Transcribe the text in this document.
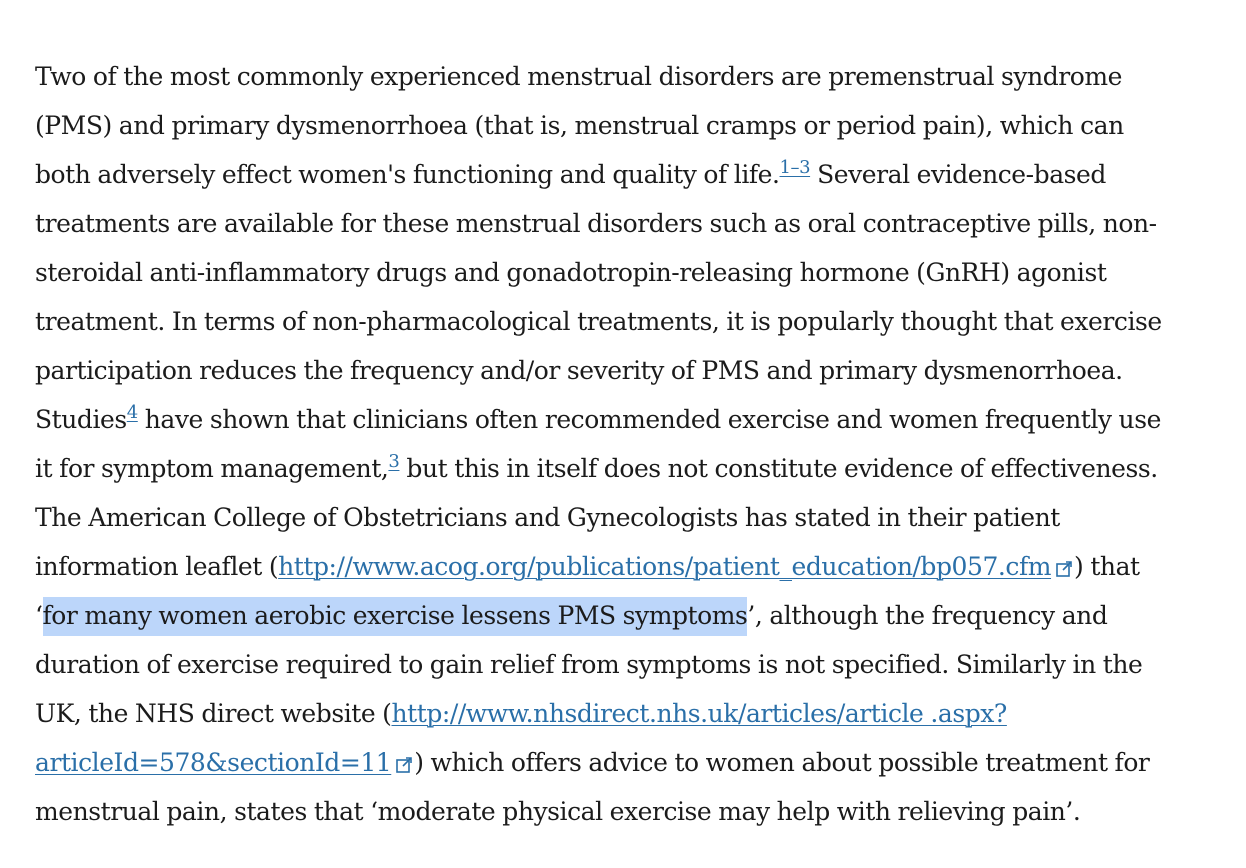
Two of the most commonly experienced menstrual disorders are premenstrual syndrome
(PMS) and primary dysmenorrhoea (that is, menstrual cramps or period pain), which can
both adversely effect women's functioning and quality of life.$^{1-3}$ Several evidence-based
treatments are available for these menstrual disorders such as oral contraceptive pills, non-
steroidal anti-inflammatory drugs and gonadotropin-releasing hormone (GnRH) agonist
treatment. In terms of non-pharmacological treatments, it is popularly thought that exercise
participation reduces the frequency and/or severity of PMS and primary dysmenorrhoea.
Studies$^4$ have shown that clinicians often recommended exercise and women frequently use
it for symptom management,$^3$ but this in itself does not constitute evidence of effectiveness.
The American College of Obstetricians and Gynecologists has stated in their patient
information leaflet (http://www.acog.org/publications/patient_education/bp057.cfm ) that
‘for many women aerobic exercise lessens PMS symptoms’, although the frequency and
duration of exercise required to gain relief from symptoms is not specified. Similarly in the
UK, the NHS direct website (http://www.nhsdirect.nhs.uk/articles/article .aspx?
articleId=578&sectionId=11 ) which offers advice to women about possible treatment for
menstrual pain, states that ‘moderate physical exercise may help with relieving pain’.
